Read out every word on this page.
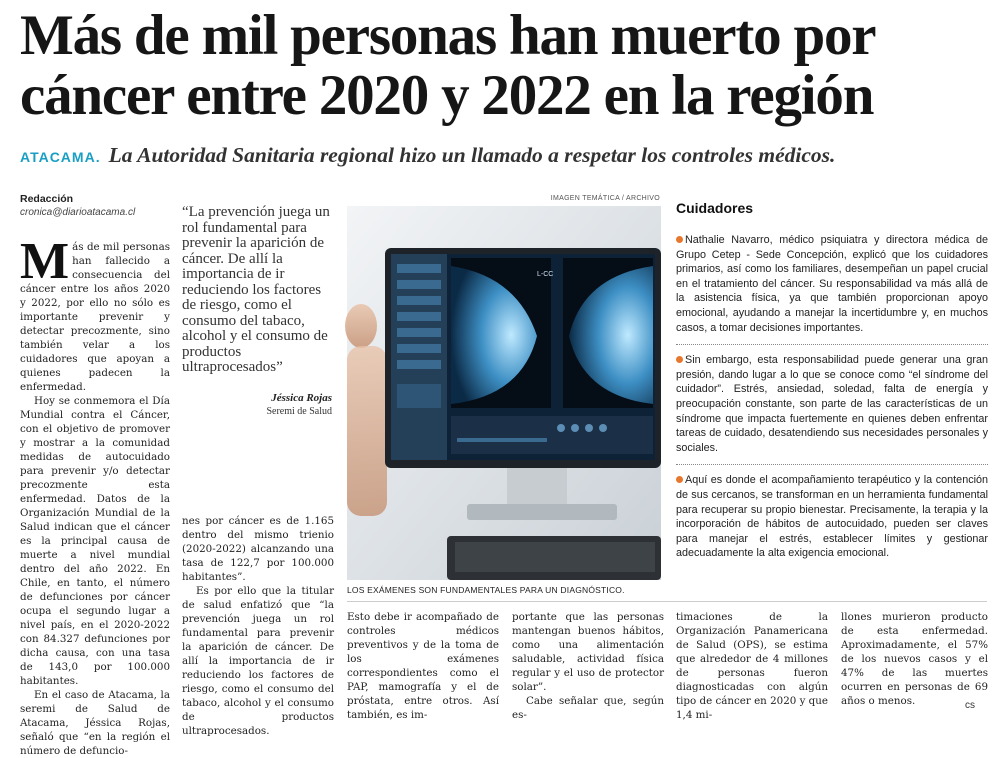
Más de mil personas han muerto por
cáncer entre 2020 y 2022 en la región
ATACAMA. La Autoridad Sanitaria regional hizo un llamado a respetar los controles médicos.
Redacción
cronica@diarioatacama.cl

Más de mil personas han fallecido a consecuencia del cáncer entre los años 2020 y 2022, por ello no sólo es importante prevenir y detectar precozmente, sino también velar a los cuidadores que apoyan a quienes padecen la enfermedad.

Hoy se conmemora el Día Mundial contra el Cáncer, con el objetivo de promover y mostrar a la comunidad medidas de autocuidado para prevenir y/o detectar precozmente esta enfermedad. Datos de la Organización Mundial de la Salud indican que el cáncer es la principal causa de muerte a nivel mundial dentro del año 2022. En Chile, en tanto, el número de defunciones por cáncer ocupa el segundo lugar a nivel país, en el 2020-2022 con 84.327 defunciones por dicha causa, con una tasa de 143,0 por 100.000 habitantes.

En el caso de Atacama, la seremi de Salud de Atacama, Jéssica Rojas, señaló que “en la región el número de defuncio-

“La prevención juega un rol fundamental para prevenir la aparición de cáncer. De allí la importancia de ir reduciendo los factores de riesgo, como el consumo del tabaco, alcohol y el consumo de productos ultraprocesados”
Jéssica Rojas
Seremi de Salud

nes por cáncer es de 1.165 dentro del mismo trienio (2020-2022) alcanzando una tasa de 122,7 por 100.000 habitantes”.

Es por ello que la titular de salud enfatizó que “la prevención juega un rol fundamental para prevenir la aparición de cáncer. De allí la importancia de ir reduciendo los factores de riesgo, como el consumo del tabaco, alcohol y el consumo de productos ultraprocesados.

IMAGEN TEMÁTICA / ARCHIVO
L-CC
LOS EXÁMENES SON FUNDAMENTALES PARA UN DIAGNÓSTICO.
Cuidadores
Nathalie Navarro, médico psiquiatra y directora médica de Grupo Cetep - Sede Concepción, explicó que los cuidadores primarios, así como los familiares, desempeñan un papel crucial en el tratamiento del cáncer. Su responsabilidad va más allá de la asistencia física, ya que también proporcionan apoyo emocional, ayudando a manejar la incertidumbre y, en muchos casos, a tomar decisiones importantes.
Sin embargo, esta responsabilidad puede generar una gran presión, dando lugar a lo que se conoce como “el síndrome del cuidador”. Estrés, ansiedad, soledad, falta de energía y preocupación constante, son parte de las características de un síndrome que impacta fuertemente en quienes deben enfrentar tareas de cuidado, desatendiendo sus necesidades personales y sociales.
Aquí es donde el acompañamiento terapéutico y la contención de sus cercanos, se transforman en un herramienta fundamental para recuperar su propio bienestar. Precisamente, la terapia y la incorporación de hábitos de autocuidado, pueden ser claves para manejar el estrés, establecer límites y gestionar adecuadamente la alta exigencia emocional.

Esto debe ir acompañado de controles médicos preventivos y de la toma de los exámenes correspondientes como el PAP, mamografía y el de próstata, entre otros. Así también, es im-

portante que las personas mantengan buenos hábitos, como una alimentación saludable, actividad física regular y el uso de protector solar”.

Cabe señalar que, según es-

timaciones de la Organización Panamericana de Salud (OPS), se estima que alrededor de 4 millones de personas fueron diagnosticadas con algún tipo de cáncer en 2020 y que 1,4 mi-

llones murieron producto de esta enfermedad. Aproximadamente, el 57% de los nuevos casos y el 47% de las muertes ocurren en personas de 69 años o menos.	cs
